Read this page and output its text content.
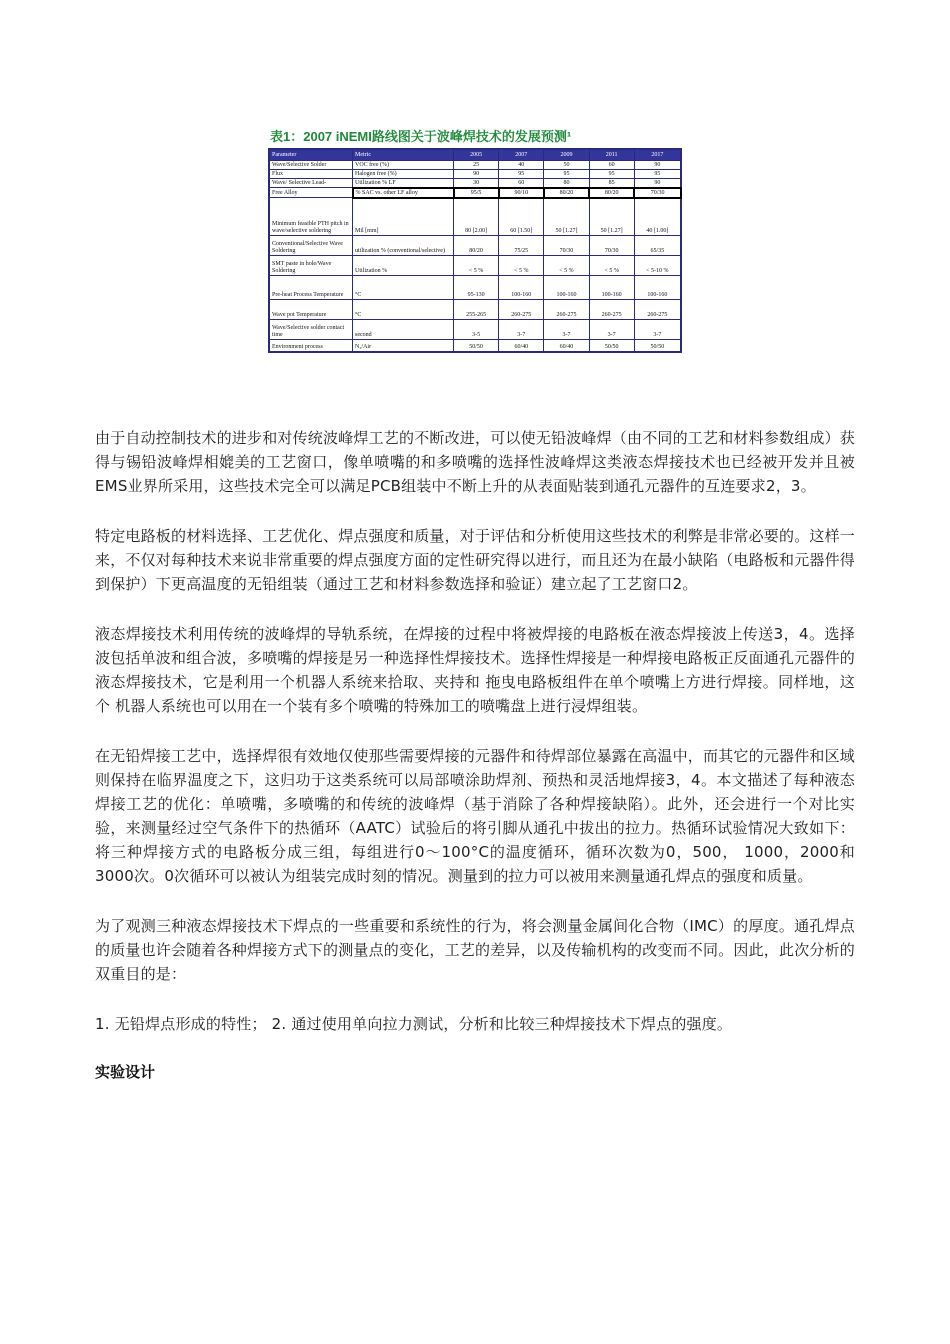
表1：2007 iNEMI路线图关于波峰焊技术的发展预测¹
Parameter	Metric	2005	2007	2009	2011	2017
Wave/Selective Solder	VOC free (%)	25	40	50	60	90
Flux	Halogen free (%)	90	95	95	95	95
Wave/ Selective Lead-	Utilization % LF	30	60	80	85	90
Free Alloy	% SAC vs. other LF alloy	95/5	90/10	80/20	80/20	70/30
Minimum feasible PTH pitch in wave/selective soldering	Mil [mm]	80 [2.00]	60 [1.50]	50 [1.27]	50 [1.27]	40 [1.00]
Conventional/Selective Wave Soldering	utilization % (conventional/selective)	80/20	75/25	70/30	70/30	65/35
SMT paste in hole/Wave Soldering	Utilization %	< 5 %	< 5 %	< 5 %	< 5 %	< 5-10 %
Pre-heat Process Temperature	°C	95-130	100-160	100-160	100-160	100-160
Wave pot Temperature	°C	255-265	260-275	260-275	260-275	260-275
Wave/Selective solder contact time	second	3-5	3-7	3-7	3-7	3-7
Environment process	N₂/Air	50/50	60/40	60/40	50/50	50/50

由于自动控制技术的进步和对传统波峰焊工艺的不断改进，可以使无铅波峰焊（由不同的工艺和材料参数组成）获得与锡铅波峰焊相媲美的工艺窗口，像单喷嘴的和多喷嘴的选择性波峰焊这类液态焊接技术也已经被开发并且被EMS业界所采用，这些技术完全可以满足PCB组装中不断上升的从表面贴装到通孔元器件的互连要求2，3。

特定电路板的材料选择、工艺优化、焊点强度和质量，对于评估和分析使用这些技术的利弊是非常必要的。这样一来，不仅对每种技术来说非常重要的焊点强度方面的定性研究得以进行，而且还为在最小缺陷（电路板和元器件得到保护）下更高温度的无铅组装（通过工艺和材料参数选择和验证）建立起了工艺窗口2。

液态焊接技术利用传统的波峰焊的导轨系统，在焊接的过程中将被焊接的电路板在液态焊接波上传送3，4。选择波包括单波和组合波，多喷嘴的焊接是另一种选择性焊接技术。选择性焊接是一种焊接电路板正反面通孔元器件的液态焊接技术，它是利用一个机器人系统来拾取、夹持和 拖曳电路板组件在单个喷嘴上方进行焊接。同样地，这个 机器人系统也可以用在一个装有多个喷嘴的特殊加工的喷嘴盘上进行浸焊组装。

在无铅焊接工艺中，选择焊很有效地仅使那些需要焊接的元器件和待焊部位暴露在高温中，而其它的元器件和区域则保持在临界温度之下，这归功于这类系统可以局部喷涂助焊剂、预热和灵活地焊接3，4。本文描述了每种液态焊接工艺的优化：单喷嘴，多喷嘴的和传统的波峰焊（基于消除了各种焊接缺陷）。此外，还会进行一个对比实验，来测量经过空气条件下的热循环（AATC）试验后的将引脚从通孔中拔出的拉力。热循环试验情况大致如下：将三种焊接方式的电路板分成三组，每组进行0～100°C的温度循环，循环次数为0，500， 1000，2000和3000次。0次循环可以被认为组装完成时刻的情况。测量到的拉力可以被用来测量通孔焊点的强度和质量。

为了观测三种液态焊接技术下焊点的一些重要和系统性的行为，将会测量金属间化合物（IMC）的厚度。通孔焊点的质量也许会随着各种焊接方式下的测量点的变化，工艺的差异，以及传输机构的改变而不同。因此，此次分析的双重目的是：

1. 无铅焊点形成的特性； 2. 通过使用单向拉力测试，分析和比较三种焊接技术下焊点的强度。

实验设计
